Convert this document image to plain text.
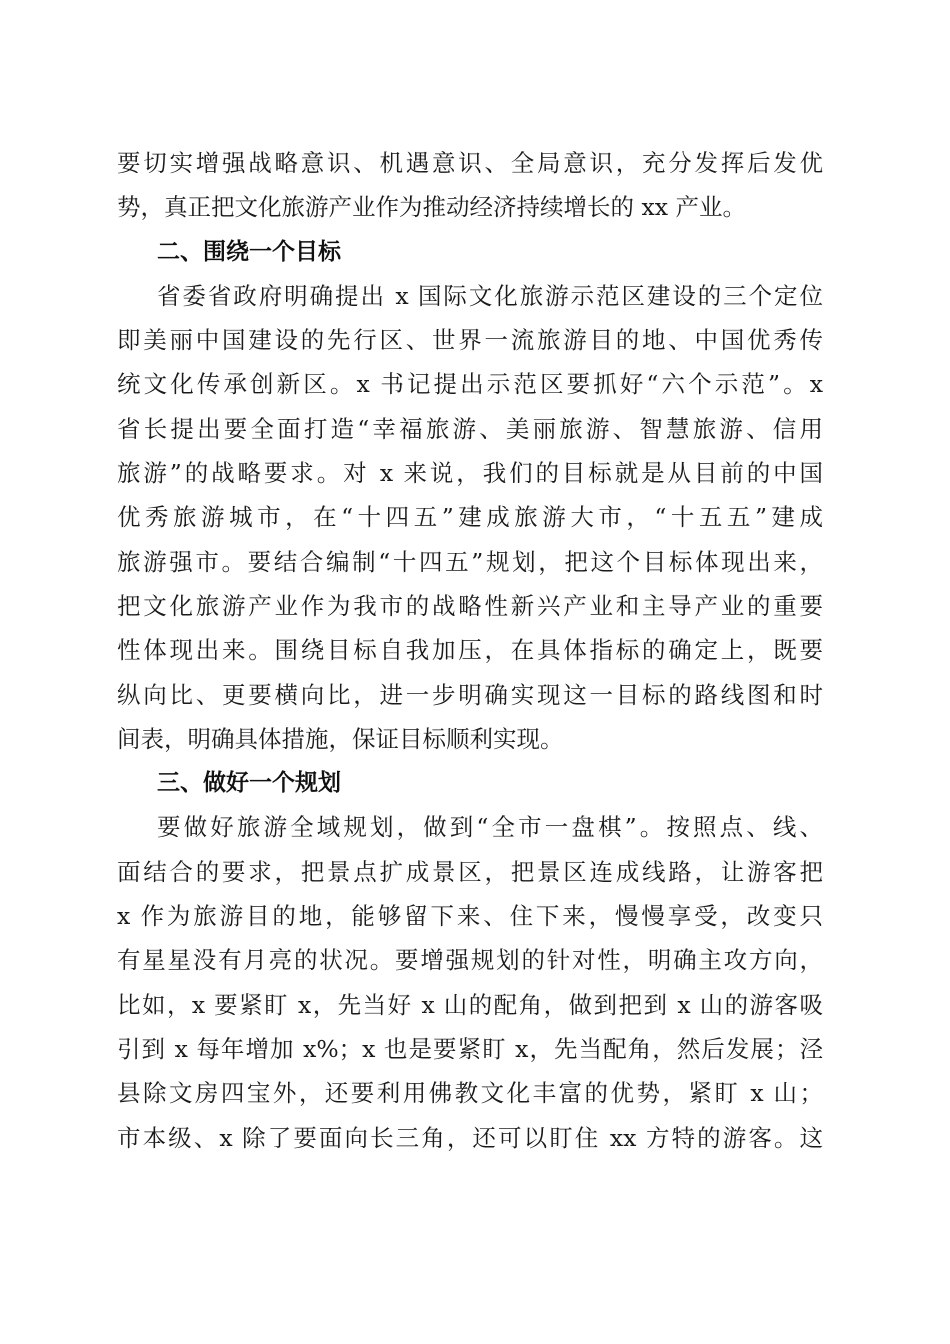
要切实增强战略意识、机遇意识、全局意识，充分发挥后发优
势，真正把文化旅游产业作为推动经济持续增长的 xx 产业。
二、围绕一个目标
省委省政府明确提出 x 国际文化旅游示范区建设的三个定位
即美丽中国建设的先行区、世界一流旅游目的地、中国优秀传
统文化传承创新区。x 书记提出示范区要抓好“六个示范”。x
省长提出要全面打造“幸福旅游、美丽旅游、智慧旅游、信用
旅游”的战略要求。对 x 来说，我们的目标就是从目前的中国
优秀旅游城市，在“十四五”建成旅游大市，“十五五”建成
旅游强市。要结合编制“十四五”规划，把这个目标体现出来，
把文化旅游产业作为我市的战略性新兴产业和主导产业的重要
性体现出来。围绕目标自我加压，在具体指标的确定上，既要
纵向比、更要横向比，进一步明确实现这一目标的路线图和时
间表，明确具体措施，保证目标顺利实现。
三、做好一个规划
要做好旅游全域规划，做到“全市一盘棋”。按照点、线、
面结合的要求，把景点扩成景区，把景区连成线路，让游客把
x 作为旅游目的地，能够留下来、住下来，慢慢享受，改变只
有星星没有月亮的状况。要增强规划的针对性，明确主攻方向，
比如，x 要紧盯 x，先当好 x 山的配角，做到把到 x 山的游客吸
引到 x 每年增加 x%；x 也是要紧盯 x，先当配角，然后发展；泾
县除文房四宝外，还要利用佛教文化丰富的优势，紧盯 x 山；
市本级、x 除了要面向长三角，还可以盯住 xx 方特的游客。这
